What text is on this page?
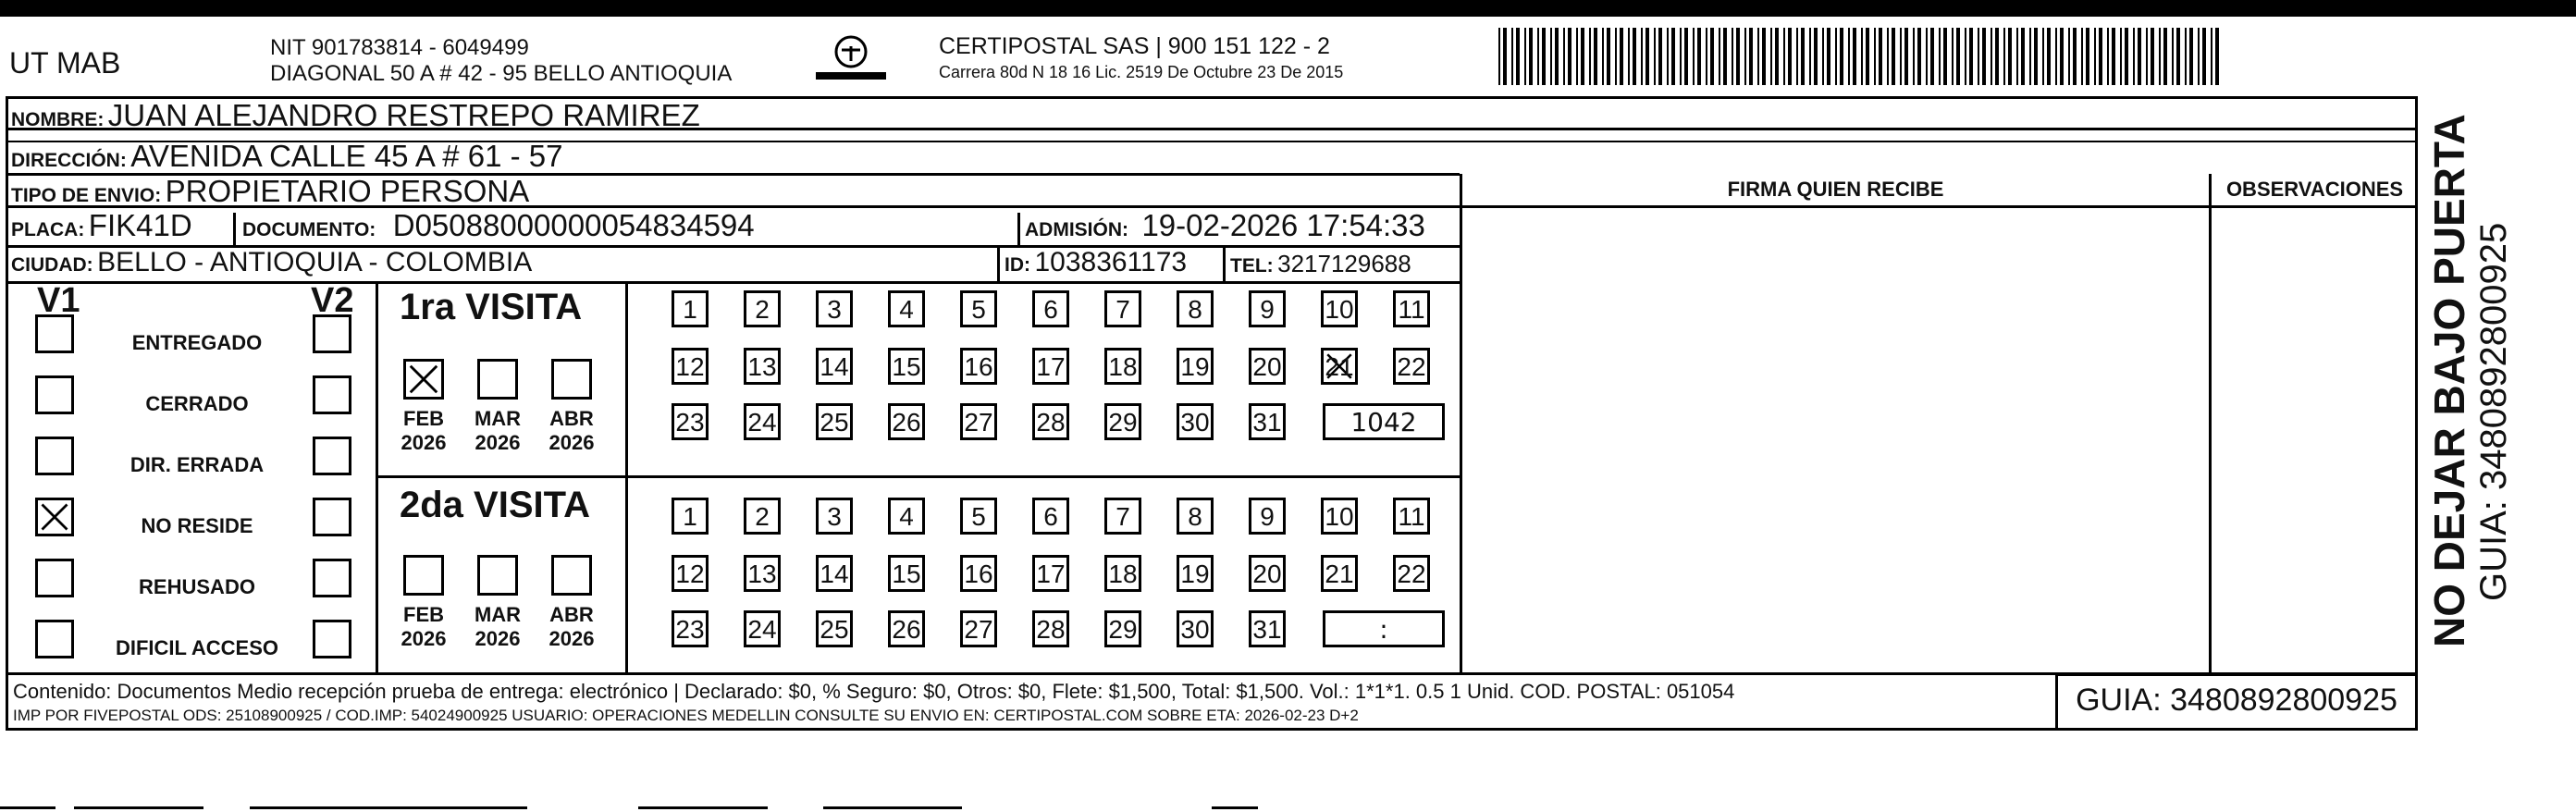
UT MAB	NIT 901783814 - 6049499
DIAGONAL 50 A # 42 - 95 BELLO ANTIOQUIA
CERTIPOSTAL SAS | 900 151 122 - 2
Carrera 80d N 18 16 Lic. 2519 De Octubre 23 De 2015
NOMBRE: JUAN ALEJANDRO RESTREPO RAMIREZ
DIRECCIÓN: AVENIDA CALLE 45 A # 61 - 57
TIPO DE ENVIO: PROPIETARIO PERSONA
PLACA: FIK41D	DOCUMENTO: D05088000000054834594	ADMISIÓN: 19-02-2026 17:54:33
CIUDAD: BELLO - ANTIOQUIA - COLOMBIA	ID: 1038361173 TEL: 3217129688
FIRMA QUIEN RECIBE	OBSERVACIONES
V1	V2
ENTREGADO
CERRADO
DIR. ERRADA
NO RESIDE
REHUSADO
DIFICIL ACCESO
1ra VISITA
FEB
2026
MAR
2026
ABR
2026
1	2	3	4	5	6	7	8	9	10 11
12 13 14 15 16 17 18 19 20 21 22
23 24 25 26 27 28 29 30 31	1042
2da VISITA
FEB
2026
MAR
2026
ABR
2026
1	2	3	4	5	6	7	8	9	10 11
12 13 14 15 16 17 18 19 20 21 22
23 24 25 26 27 28 29 30 31	:
Contenido: Documentos Medio recepción prueba de entrega: electrónico | Declarado: $0, % Seguro: $0, Otros: $0, Flete: $1,500, Total: $1,500. Vol.: 1*1*1. 0.5 1 Unid. COD. POSTAL: 051054
IMP POR FIVEPOSTAL ODS: 25108900925 / COD.IMP: 54024900925 USUARIO: OPERACIONES MEDELLIN CONSULTE SU ENVIO EN: CERTIPOSTAL.COM SOBRE ETA: 2026-02-23 D+2	GUIA: 3480892800925
NO DEJAR BAJO PUERTA GUIA: 3480892800925
